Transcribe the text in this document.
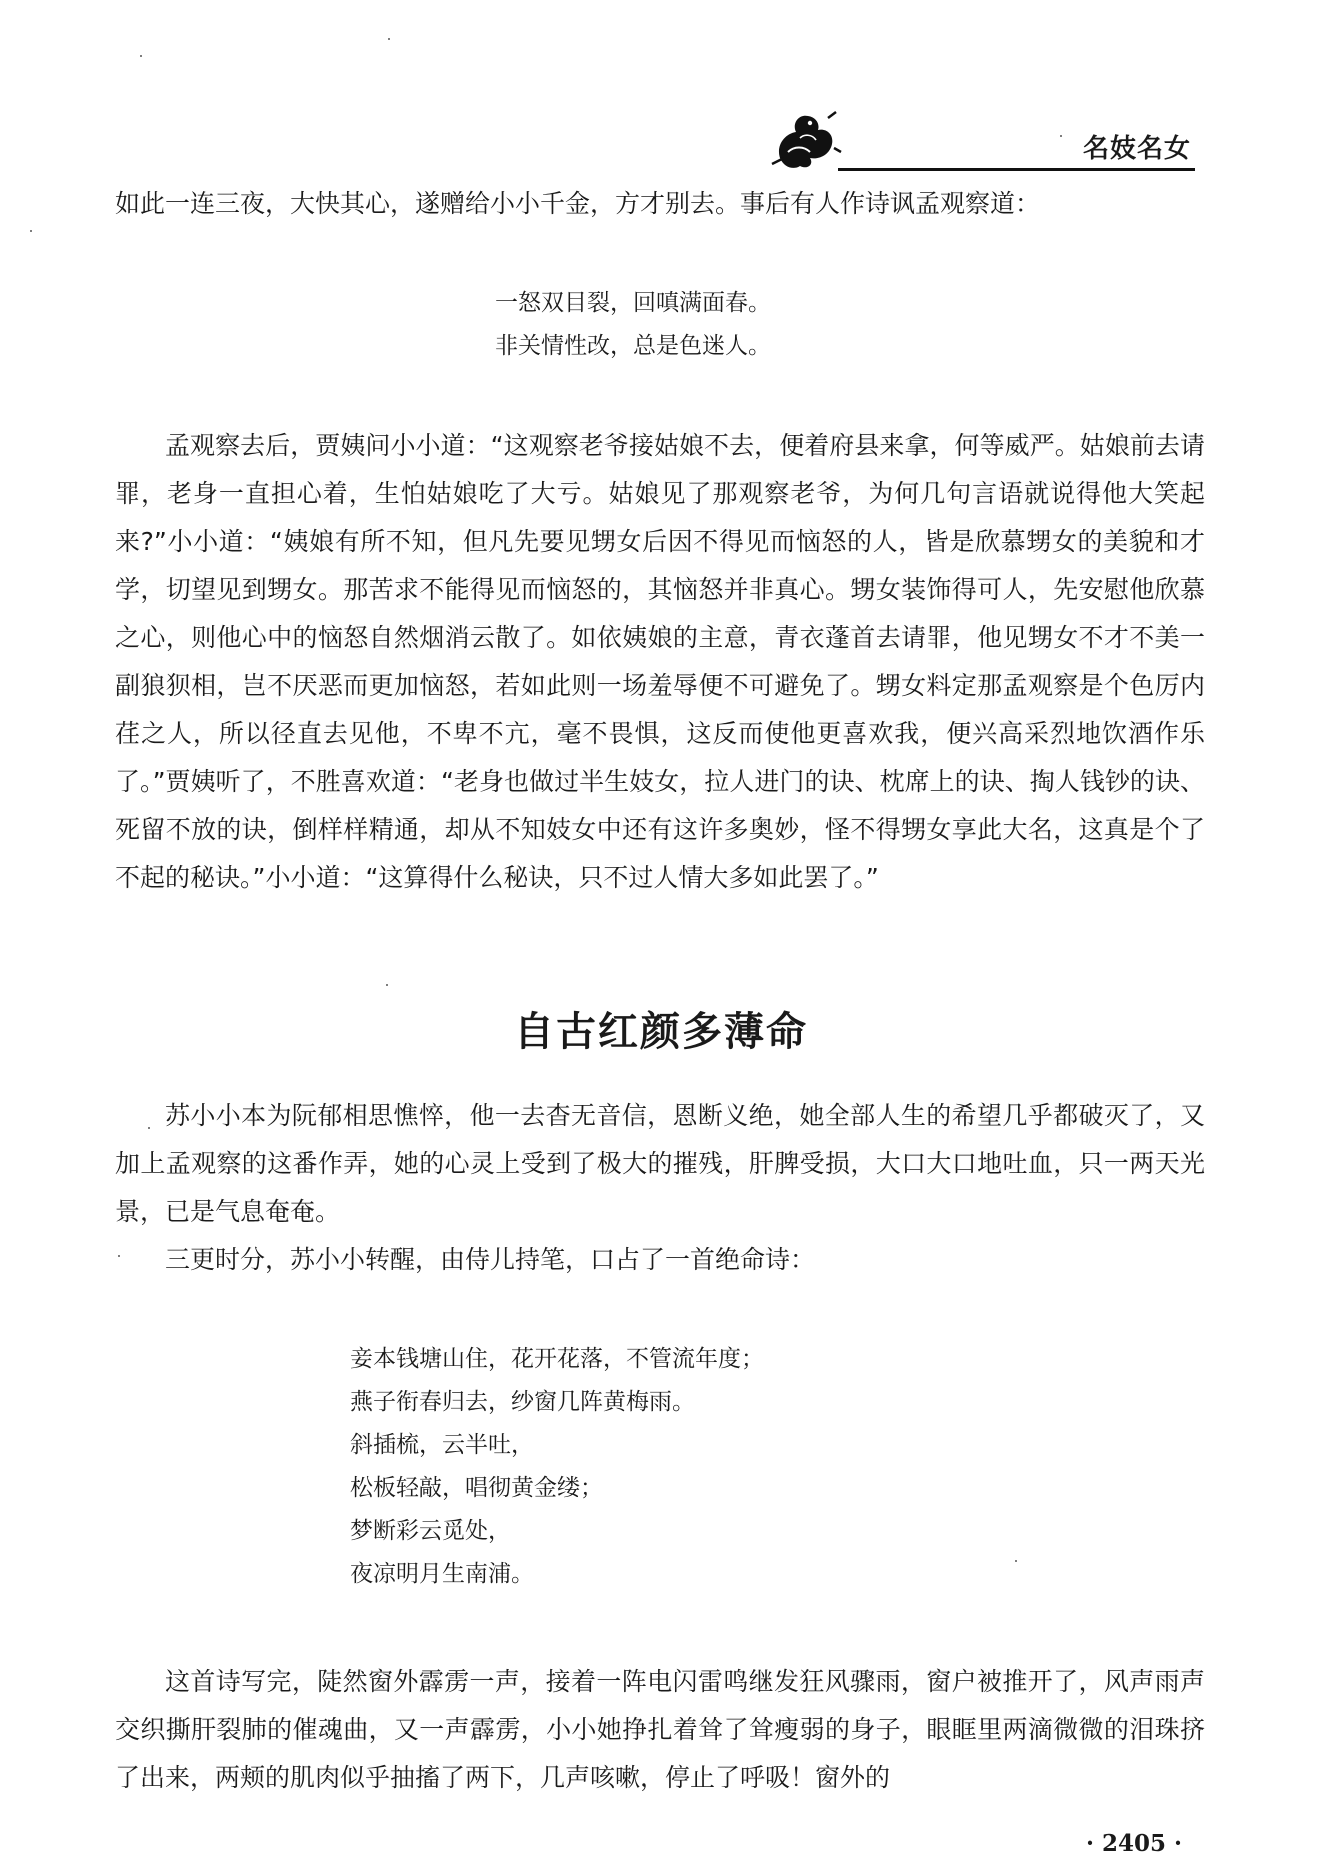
名妓名女

如此一连三夜，大快其心，遂赠给小小千金，方才别去。事后有人作诗讽孟观察道：

一怒双目裂，回嗔满面春。
非关情性改，总是色迷人。

孟观察去后，贾姨问小小道：“这观察老爷接姑娘不去，便着府县来拿，何等威严。姑娘前去请罪，老身一直担心着，生怕姑娘吃了大亏。姑娘见了那观察老爷，为何几句言语就说得他大笑起来?”小小道：“姨娘有所不知，但凡先要见甥女后因不得见而恼怒的人，皆是欣慕甥女的美貌和才学，切望见到甥女。那苦求不能得见而恼怒的，其恼怒并非真心。甥女装饰得可人，先安慰他欣慕之心，则他心中的恼怒自然烟消云散了。如依姨娘的主意，青衣蓬首去请罪，他见甥女不才不美一副狼狈相，岂不厌恶而更加恼怒，若如此则一场羞辱便不可避免了。甥女料定那孟观察是个色厉内荏之人，所以径直去见他，不卑不亢，毫不畏惧，这反而使他更喜欢我，便兴高采烈地饮酒作乐了。”贾姨听了，不胜喜欢道：“老身也做过半生妓女，拉人进门的诀、枕席上的诀、掏人钱钞的诀、死留不放的诀，倒样样精通，却从不知妓女中还有这许多奥妙，怪不得甥女享此大名，这真是个了不起的秘诀。”小小道：“这算得什么秘诀，只不过人情大多如此罢了。”

自古红颜多薄命

苏小小本为阮郁相思憔悴，他一去杳无音信，恩断义绝，她全部人生的希望几乎都破灭了，又加上孟观察的这番作弄，她的心灵上受到了极大的摧残，肝脾受损，大口大口地吐血，只一两天光景，已是气息奄奄。

三更时分，苏小小转醒，由侍儿持笔，口占了一首绝命诗：

妾本钱塘山住，花开花落，不管流年度；
燕子衔春归去，纱窗几阵黄梅雨。
斜插梳，云半吐，
松板轻敲，唱彻黄金缕；
梦断彩云觅处，
夜凉明月生南浦。

这首诗写完，陡然窗外霹雳一声，接着一阵电闪雷鸣继发狂风骤雨，窗户被推开了，风声雨声交织撕肝裂肺的催魂曲，又一声霹雳，小小她挣扎着耸了耸瘦弱的身子，眼眶里两滴微微的泪珠挤了出来，两颊的肌肉似乎抽搐了两下，几声咳嗽，停止了呼吸！窗外的

· 2405 ·
